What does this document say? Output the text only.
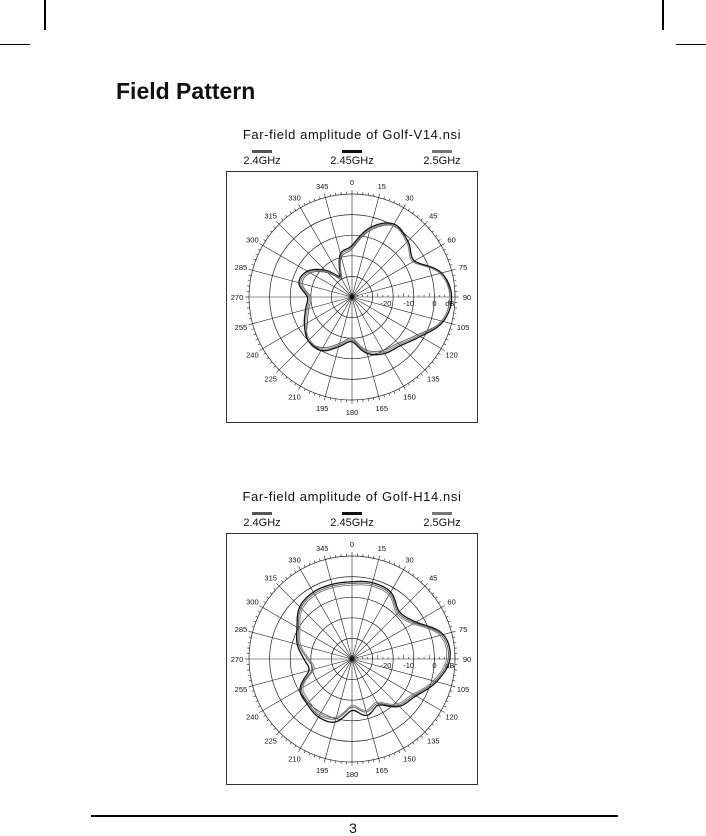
Field Pattern
Far-field amplitude of Golf-V14.nsi
2.4GHz	2.45GHz	2.5GHz
0	15
30
45
60
75
90
105
120
135
150
165
180
195
210
225
240
255
270
285
300
315
330
345
-20 -10 0 dB
Far-field amplitude of Golf-H14.nsi
2.4GHz	2.45GHz	2.5GHz
0	15
30
45
60
75
90
105
120
135
150
165
180
195
210
225
240
255
270
285
300
315
330
345
-20 -10 0 dB
3
